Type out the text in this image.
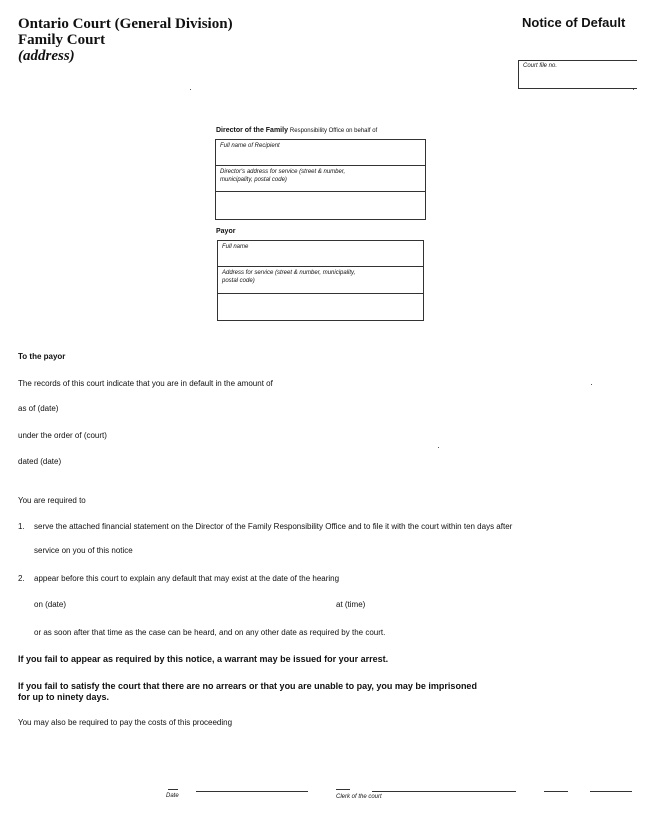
Ontario Court (General Division)
Family Court
(address)
Notice of Default
Court file no.
Director of the Family Responsibility Office on behalf of
Full name of Recipient
Director's address for service (street & number, municipality, postal code)
Payor
Full name
Address for service (street & number, municipality, postal code)
To the payor
The records of this court indicate that you are in default in the amount of
as of (date)
under the order of (court)
dated (date)
You are required to
1. serve the attached financial statement on the Director of the Family Responsibility Office and to file it with the court within ten days after
service on you of this notice
2. appear before this court to explain any default that may exist at the date of the hearing
on (date)	at (time)
or as soon after that time as the case can be heard, and on any other date as required by the court.
If you fail to appear as required by this notice, a warrant may be issued for your arrest.
If you fail to satisfy the court that there are no arrears or that you are unable to pay, you may be imprisoned
for up to ninety days.
You may also be required to pay the costs of this proceeding
Date	Clerk of the court
